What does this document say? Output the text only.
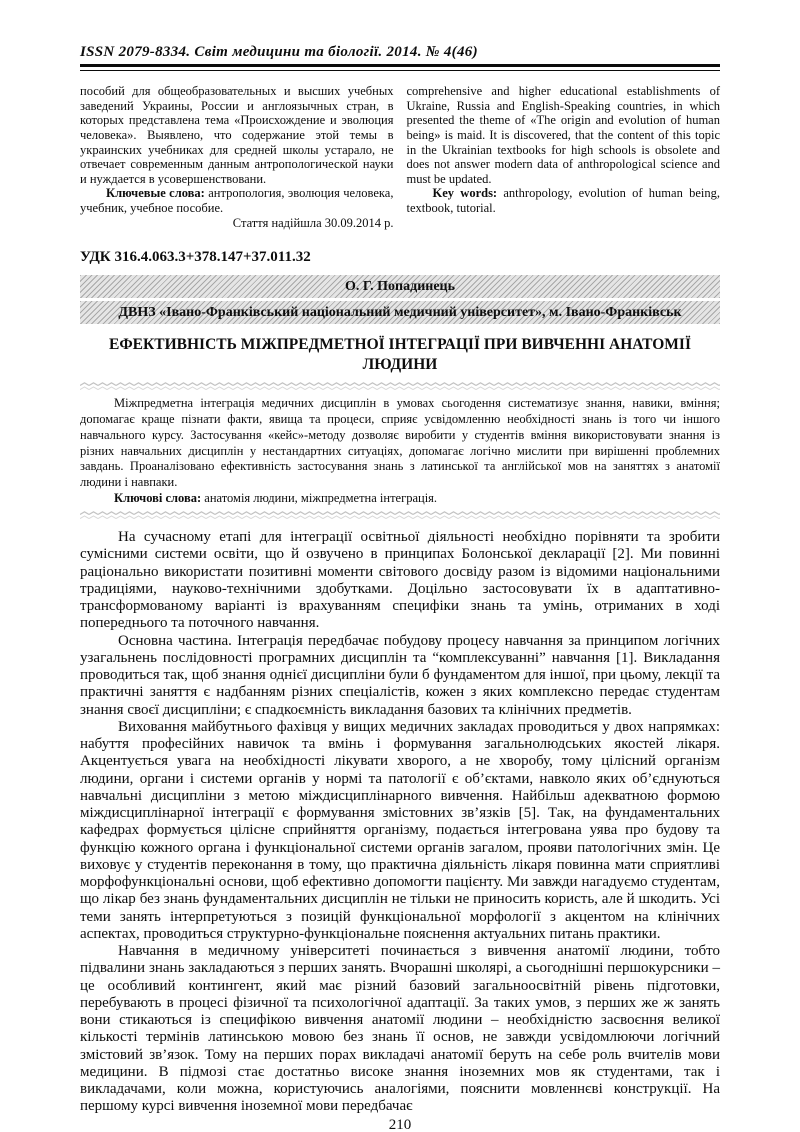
ISSN 2079-8334. Світ медицини та біології. 2014. № 4(46)

пособий для общеобразовательных и высших учебных заведений Украины, России и англоязычных стран, в которых представлена тема «Происхождение и эволюция человека». Выявлено, что содержание этой темы в украинских учебниках для средней школы устарало, не отвечает современным данным антропологической науки и нуждается в усовершенствовани.

Ключевые слова: антропология, эволюция человека, учебник, учебное пособие.

Стаття надійшла 30.09.2014 р.

comprehensive and higher educational establishments of Ukraine, Russia and English-Speaking countries, in which presented the theme of «The origin and evolution of human being» is maid. It is discovered, that the content of this topic in the Ukrainian textbooks for high schools is obsolete and does not answer modern data of anthropological science and must be updated.

Key words: anthropology, evolution of human being, textbook, tutorial.

УДК 316.4.063.3+378.147+37.011.32
О. Г. Попадинець
ДВНЗ «Івано-Франківський національний медичний університет», м. Івано-Франківськ
ЕФЕКТИВНІСТЬ МІЖПРЕДМЕТНОЇ ІНТЕГРАЦІЇ ПРИ ВИВЧЕННІ АНАТОМІЇ ЛЮДИНИ

Міжпредметна інтеграція медичних дисциплін в умовах сьогодення систематизує знання, навики, вміння; допомагає краще пізнати факти, явища та процеси, сприяє усвідомленню необхідності знань із того чи іншого навчального курсу. Застосування «кейс»-методу дозволяє виробити у студентів вміння використовувати знання із різних навчальних дисциплін у нестандартних ситуаціях, допомагає логічно мислити при вирішенні проблемних завдань. Проаналізовано ефективність застосування знань з латинської та англійської мов на заняттях з анатомії людини і навпаки.

Ключові слова: анатомія людини, міжпредметна інтеграція.

На сучасному етапі для інтеграції освітньої діяльності необхідно порівняти та зробити сумісними системи освіти, що й озвучено в принципах Болонської декларації [2]. Ми повинні раціонально використати позитивні моменти світового досвіду разом із відомими національними традиціями, науково-технічними здобутками. Доцільно застосовувати їх в адаптативно-трансформованому варіанті із врахуванням специфіки знань та умінь, отриманих в ході попереднього та поточного навчання.

Основна частина. Інтеграція передбачає побудову процесу навчання за принципом логічних узагальнень послідовності програмних дисциплін та “комплексуванні” навчання [1]. Викладання проводиться так, щоб знання однієї дисципліни були б фундаментом для іншої, при цьому, лекції та практичні заняття є надбанням різних спеціалістів, кожен з яких комплексно передає студентам знання своєї дисципліни; є спадкоємність викладання базових та клінічних предметів.

Виховання майбутнього фахівця у вищих медичних закладах проводиться у двох напрямках: набуття професійних навичок та вмінь і формування загальнолюдських якостей лікаря. Акцентується увага на необхідності лікувати хворого, а не хворобу, тому цілісний організм людини, органи і системи органів у нормі та патології є об’єктами, навколо яких об’єднуються навчальні дисципліни з метою міждисциплінарного вивчення. Найбільш адекватною формою міждисциплінарної інтеграції є формування змістовних зв’язків [5]. Так, на фундаментальних кафедрах формується цілісне сприйняття організму, подається інтегрована уява про будову та функцію кожного органа і функціональної системи органів загалом, прояви патологічних змін. Це виховує у студентів переконання в тому, що практична діяльність лікаря повинна мати сприятливі морфофункціональні основи, щоб ефективно допомогти пацієнту. Ми завжди нагадуємо студентам, що лікар без знань фундаментальних дисциплін не тільки не приносить користь, але й шкодить. Усі теми занять інтерпретуються з позицій функціональної морфології з акцентом на клінічних аспектах, проводиться структурно-функціональне пояснення актуальних питань практики.

Навчання в медичному університеті починається з вивчення анатомії людини, тобто підвалини знань закладаються з перших занять. Вчорашні школярі, а сьогоднішні першокурсники – це особливий контингент, який має різний базовий загальноосвітній рівень підготовки, перебувають в процесі фізичної та психологічної адаптації. За таких умов, з перших же ж занять вони стикаються із специфікою вивчення анатомії людини – необхідністю засвоєння великої кількості термінів латинською мовою без знань її основ, не завжди усвідомлюючи логічний змістовий зв’язок. Тому на перших порах викладачі анатомії беруть на себе роль вчителів мови медицини. В підмозі стає достатньо високе знання іноземних мов як студентами, так і викладачами, коли можна, користуючись аналогіями, пояснити мовленнєві конструкції. На першому курсі вивчення іноземної мови передбачає

210
